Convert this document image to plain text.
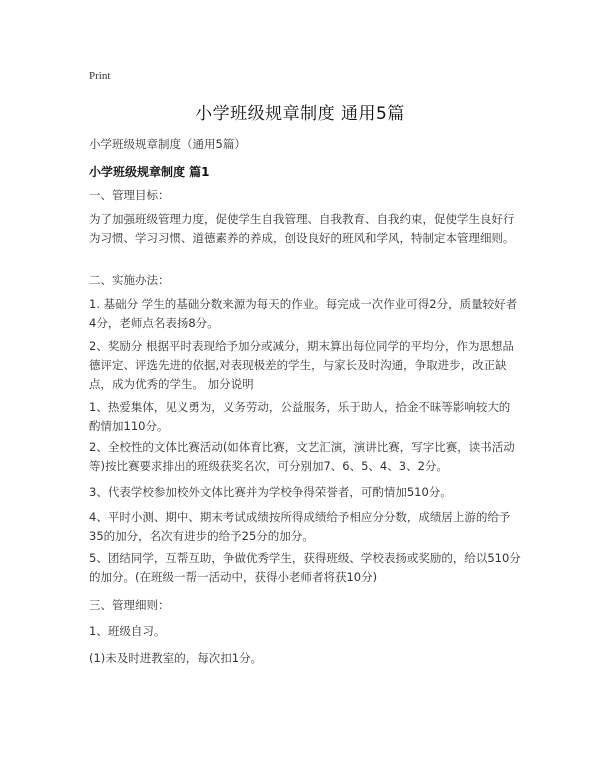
Print
小学班级规章制度 通用5篇
小学班级规章制度（通用5篇）
小学班级规章制度 篇1

一、管理目标：

为了加强班级管理力度，促使学生自我管理、自我教育、自我约束，促使学生良好行为习惯、学习习惯、道德素养的养成，创设良好的班风和学风，特制定本管理细则。

二、实施办法：

1. 基础分 学生的基础分数来源为每天的作业。每完成一次作业可得2分，质量较好者4分，老师点名表扬8分。

2、奖励分 根据平时表现给予加分或减分，期末算出每位同学的平均分，作为思想品德评定、评选先进的依据,对表现极差的学生，与家长及时沟通，争取进步，改正缺点，成为优秀的学生。 加分说明

1、热爱集体，见义勇为，义务劳动，公益服务，乐于助人，拾金不昧等影响较大的酌情加110分。

2、全校性的文体比赛活动(如体育比赛，文艺汇演，演讲比赛，写字比赛，读书活动等)按比赛要求排出的班级获奖名次，可分别加7、6、5、4、3、2分。

3、代表学校参加校外文体比赛并为学校争得荣誉者，可酌情加510分。

4、平时小测、期中、期末考试成绩按所得成绩给予相应分分数，成绩居上游的给予35的加分，名次有进步的给予25分的加分。

5、团结同学，互帮互助，争做优秀学生，获得班级、学校表扬或奖励的，给以510分的加分。(在班级一帮一活动中，获得小老师者将获10分)

三、管理细则：

1、班级自习。

(1)未及时进教室的，每次扣1分。
